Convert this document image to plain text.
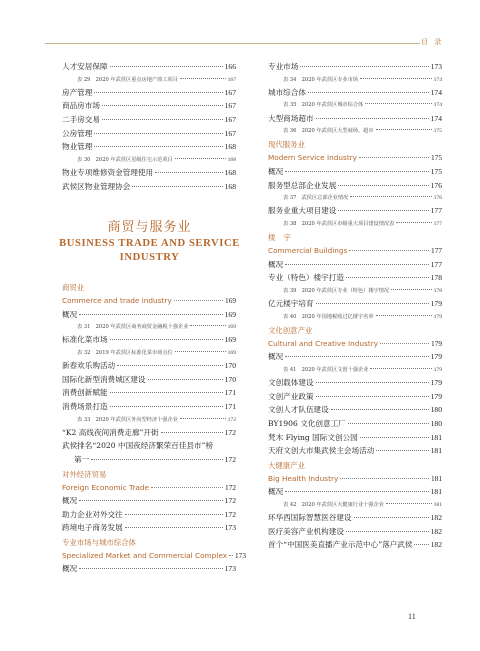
目 录
人才安居保障	166
表 29　2020 年武侯区重点房地产竣工项目	167
房产管理	167
商品房市场	167
二手房交易	167
公房管理	167
物业管理	168
表 30　2020 年武侯区星级住宅示范项目	168
物业专项维修资金管理使用	168
武侯区物业管理协会	168
商贸与服务业
BUSINESS TRADE AND SERVICE INDUSTRY
商贸业
Commerce and trade industry	169
概况	169
表 31　2020 年武侯区商务商贸金融税十强企业	169
标准化菜市场	169
表 32　2019 年武侯区标准化菜市场点位	169
新春欢乐购活动	170
国际化新型消费城区建设	170
消费创新赋能	171
消费场景打造	171
表 33　2020 年武侯区外向型经济十强企业	172
“K2 高线夜间消费走廊”开街	172
武侯排名“2020 中国夜经济繁荣百佳县市”榜
第一	172
对外经济贸易
Foreign Economic Trade	172
概况	172
助力企业对外交往	172
跨境电子商务发展	173
专业市场与城市综合体
Specialized Market and Commercial Complex 173
概况	173
专业市场	173
表 34　2020 年武侯区专业市场	174
城市综合体	174
表 35　2020 年武侯区城市综合体	174
大型商场超市	174
表 36　2020 年武侯区大型商场、超市	175
现代服务业
Modern Service Industry	175
概况	175
服务型总部企业发展	176
表 37　武侯区总部企业情况	176
服务业重大项目建设	177
表 38　2020 年武侯区市级重大项目建设情况表	177
楼宇
Commercial Buildings	177
概况	177
专业（特色）楼宇打造	178
表 39　2020 年武侯区专业（特色）楼宇情况	178
亿元楼宇培育	179
表 40　2020 年国地税收过亿楼宇名单	179
文化创意产业
Cultural and Creative Industry	179
概况	179
表 41　2020 年武侯区文创十强企业	179
文创载体建设	179
文创产业政策	179
文创人才队伍建设	180
BY1906 文化创意工厂	180
梵木 Flying 国际文创公园	181
天府文创大市集武侯主会场活动	181
大健康产业
Big Health Industry	181
概况	181
表 42　2020 年武侯区大健康行业十强企业	181
环华西国际智慧医谷建设	182
医疗美容产业机构建设	182
首个“中国医美直播产业示范中心”落户武侯 182
11
